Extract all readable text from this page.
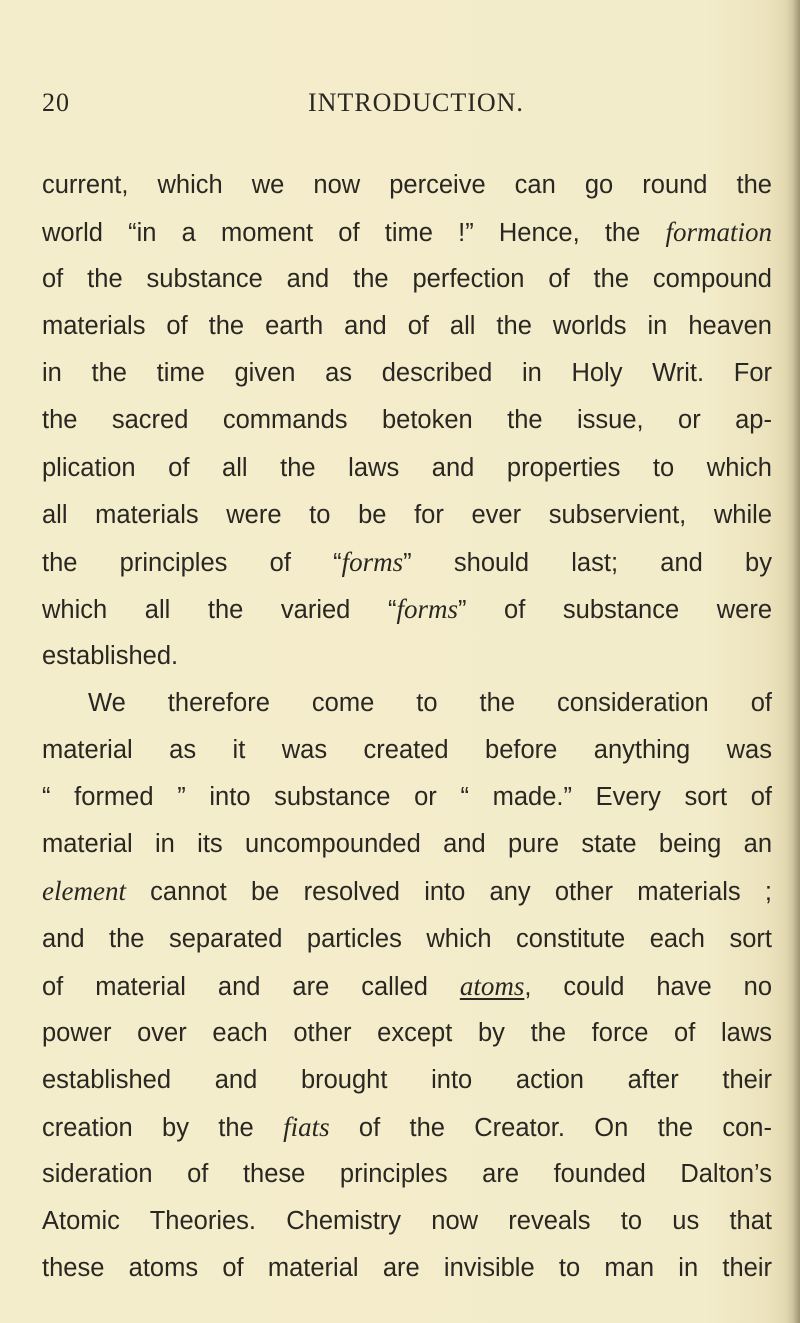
20	INTRODUCTION.
current, which we now perceive can go round the
world “in a moment of time !” Hence, the formation
of the substance and the perfection of the compound
materials of the earth and of all the worlds in heaven
in the time given as described in Holy Writ. For
the sacred commands betoken the issue, or ap-
plication of all the laws and properties to which
all materials were to be for ever subservient, while
the principles of “forms” should last; and by
which all the varied “forms” of substance were
established.
We therefore come to the consideration of
material as it was created before anything was
“ formed ” into substance or “ made.” Every sort of
material in its uncompounded and pure state being an
element cannot be resolved into any other materials ;
and the separated particles which constitute each sort
of material and are called atoms, could have no
power over each other except by the force of laws
established and brought into action after their
creation by the fiats of the Creator. On the con-
sideration of these principles are founded Dalton’s
Atomic Theories. Chemistry now reveals to us that
these atoms of material are invisible to man in their
